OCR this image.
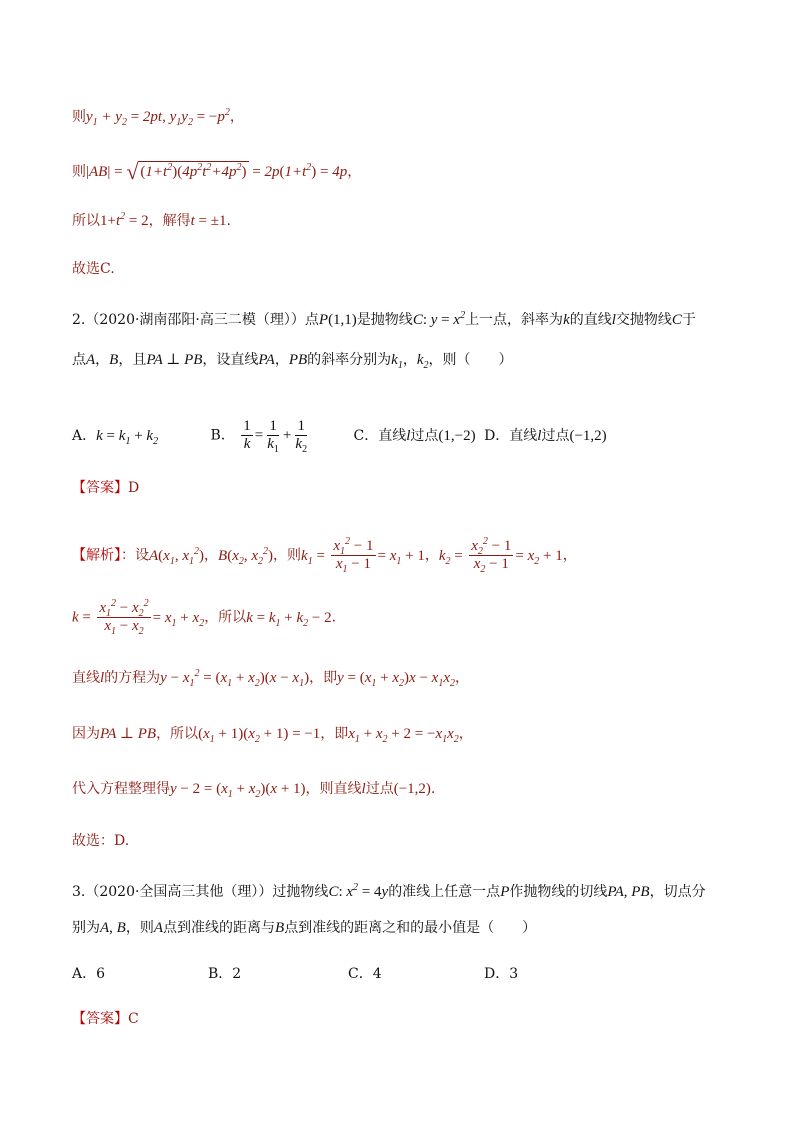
则$y_1 + y_2 = 2pt$, $y_1y_2 = -p^2$，
则|AB| = √ $(1+t^2)(4p^2t^2+4p^2) = 2p(1+t^2) = 4p$，
所以$1+t^2 = 2$，解得t = ±1.
故选C.
2.（2020·湖南邵阳·高三二模（理））点P(1,1)是抛物线C: $y = x^2$上一点，斜率为k的直线l交抛物线C于
点A，B，且PA ⊥ PB，设直线PA，PB的斜率分别为$k_1$，$k_2$，则（　　）
A．$k = k_1 + k_2$	B． $\frac{1}{k} = \frac{1}{k_1} + \frac{1}{k_2}$	C．直线l过点(1,−2) D．直线l过点(−1,2)
【答案】D
【解析】：设$A(x_1$, $x_1^2$)，$B(x_2$, $x_2^2$)，则$k_1 = \frac{x_1^2 - 1}{x_1 - 1} = x_1 + 1$，$k_2 = \frac{x_2^2 - 1}{x_2 - 1} = x_2 + 1$，
$k = \frac{x_1^2 - x_2^2}{x_1 - x_2} = x_1 + x_2$，所以$k = k_1 + k_2 - 2$.
直线l的方程为$y - x_1^2 = (x_1 + x_2)(x - x_1)$，即$y = (x_1 + x_2)x - x_1x_2$，
因为PA ⊥ PB，所以$(x_1 + 1)(x_2 + 1) = -1$，即$x_1 + x_2 + 2 = -x_1x_2$，
代入方程整理得$y - 2 = (x_1 + x_2)(x + 1)$，则直线l过点(−1,2).
故选：D.
3.（2020·全国高三其他（理））过抛物线C: $x^2 = 4y$的准线上任意一点P作抛物线的切线PA, PB，切点分
别为A, B，则A点到准线的距离与B点到准线的距离之和的最小值是（　　）
A．6	B．2	C．4	D．3
【答案】C
